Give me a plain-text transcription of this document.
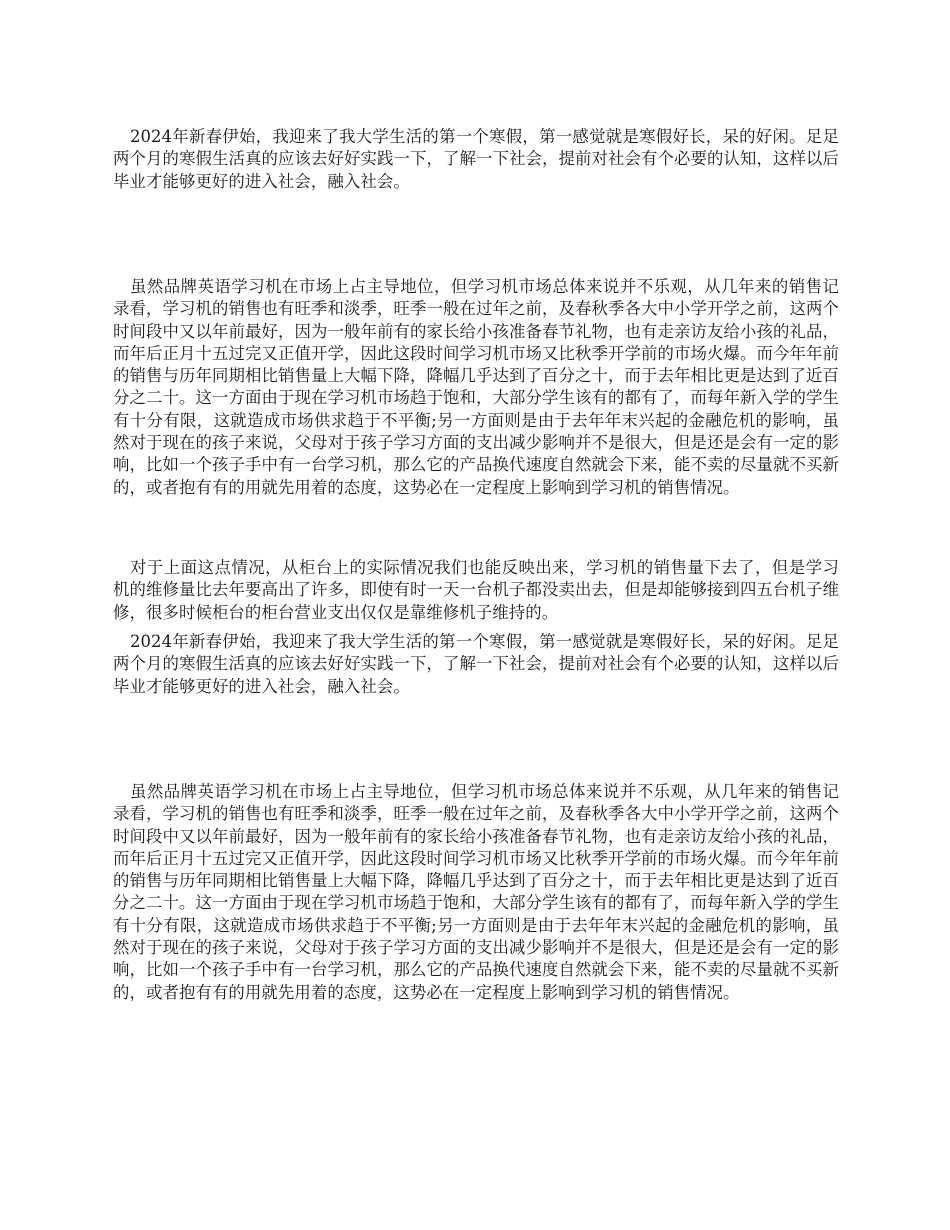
2024年新春伊始，我迎来了我大学生活的第一个寒假，第一感觉就是寒假好长，呆的好闲。足足两个月的寒假生活真的应该去好好实践一下，了解一下社会，提前对社会有个必要的认知，这样以后毕业才能够更好的进入社会，融入社会。

虽然品牌英语学习机在市场上占主导地位，但学习机市场总体来说并不乐观，从几年来的销售记录看，学习机的销售也有旺季和淡季，旺季一般在过年之前，及春秋季各大中小学开学之前，这两个时间段中又以年前最好，因为一般年前有的家长给小孩准备春节礼物，也有走亲访友给小孩的礼品，而年后正月十五过完又正值开学，因此这段时间学习机市场又比秋季开学前的市场火爆。而今年年前的销售与历年同期相比销售量上大幅下降，降幅几乎达到了百分之十，而于去年相比更是达到了近百分之二十。这一方面由于现在学习机市场趋于饱和，大部分学生该有的都有了，而每年新入学的学生有十分有限，这就造成市场供求趋于不平衡;另一方面则是由于去年年末兴起的金融危机的影响，虽然对于现在的孩子来说，父母对于孩子学习方面的支出减少影响并不是很大，但是还是会有一定的影响，比如一个孩子手中有一台学习机，那么它的产品换代速度自然就会下来，能不卖的尽量就不买新的，或者抱有有的用就先用着的态度，这势必在一定程度上影响到学习机的销售情况。

对于上面这点情况，从柜台上的实际情况我们也能反映出来，学习机的销售量下去了，但是学习机的维修量比去年要高出了许多，即使有时一天一台机子都没卖出去，但是却能够接到四五台机子维修，很多时候柜台的柜台营业支出仅仅是靠维修机子维持的。

2024年新春伊始，我迎来了我大学生活的第一个寒假，第一感觉就是寒假好长，呆的好闲。足足两个月的寒假生活真的应该去好好实践一下，了解一下社会，提前对社会有个必要的认知，这样以后毕业才能够更好的进入社会，融入社会。

虽然品牌英语学习机在市场上占主导地位，但学习机市场总体来说并不乐观，从几年来的销售记录看，学习机的销售也有旺季和淡季，旺季一般在过年之前，及春秋季各大中小学开学之前，这两个时间段中又以年前最好，因为一般年前有的家长给小孩准备春节礼物，也有走亲访友给小孩的礼品，而年后正月十五过完又正值开学，因此这段时间学习机市场又比秋季开学前的市场火爆。而今年年前的销售与历年同期相比销售量上大幅下降，降幅几乎达到了百分之十，而于去年相比更是达到了近百分之二十。这一方面由于现在学习机市场趋于饱和，大部分学生该有的都有了，而每年新入学的学生有十分有限，这就造成市场供求趋于不平衡;另一方面则是由于去年年末兴起的金融危机的影响，虽然对于现在的孩子来说，父母对于孩子学习方面的支出减少影响并不是很大，但是还是会有一定的影响，比如一个孩子手中有一台学习机，那么它的产品换代速度自然就会下来，能不卖的尽量就不买新的，或者抱有有的用就先用着的态度，这势必在一定程度上影响到学习机的销售情况。
